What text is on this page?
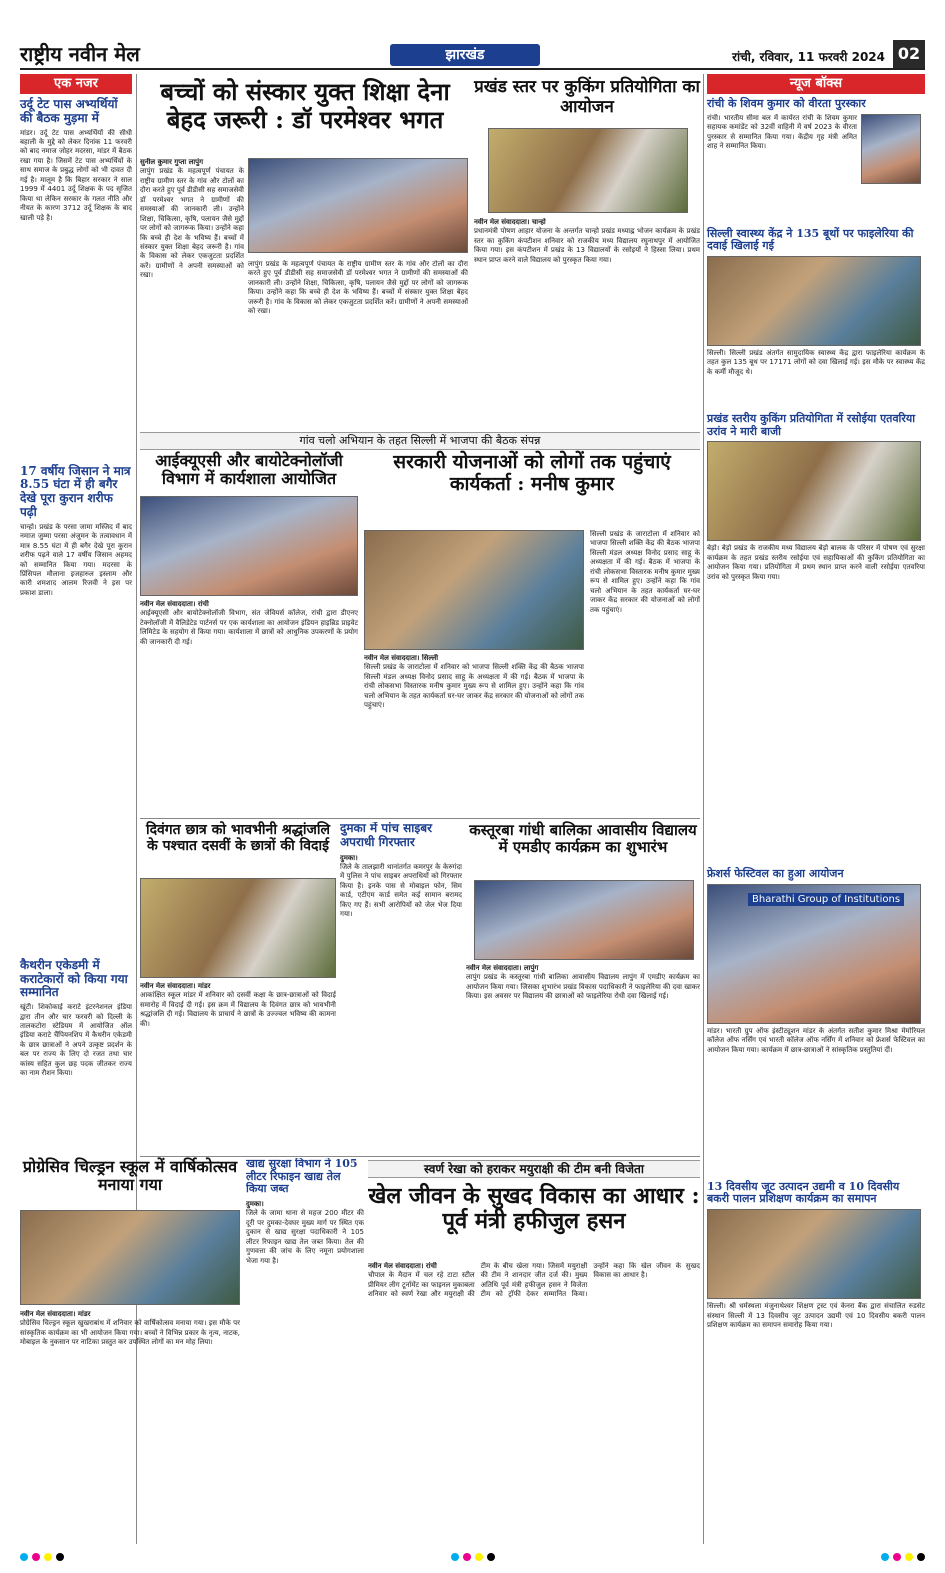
राष्ट्रीय नवीन मेल	झारखंड	रांची, रविवार, 11 फरवरी 2024 02
एक नजर
उर्दू टेट पास अभ्यर्थियों की बैठक मुड़मा में
मांडर। उर्दू टेट पास अभ्यर्थियों की सीधी बहाली के मुद्दे को लेकर दिनांक 11 फरवरी को बाद नमाज जोहर मदरसा, मांडर में बैठक रखा गया है। जिसमें टेट पास अभ्यर्थियों के साथ समाज के प्रबुद्ध लोगों को भी दावत दी गई है। मालूम है कि बिहार सरकार ने साल 1999 में 4401 उर्दू शिक्षक के पद सृजित किया था लेकिन सरकार के गलत नीति और नीयत के कारण 3712 उर्दू शिक्षक के बाद खाली पड़े है।
17 वर्षीय जिसान ने मात्र 8.55 घंटा में ही बगैर देखे पूरा कुरान शरीफ पढ़ी
चान्हो। प्रखंड के परसा जामा मस्जिद में बाद नमाज जुम्मा परसा अंजुमन के तत्वावधान में मात्र 8.55 घंटा में ही बगैर देखे पूरा कुरान शरीफ पढ़ने वाले 17 वर्षीय जिसान अहमद को सम्मानित किया गया। मदरसा के प्रिंसिपल मौलाना इजहारुल इस्लाम और कारी शमशाद आलम रिजवी ने इस पर प्रकाश डाला।
कैथरीन एकेडमी में कराटेकारों को किया गया सम्मानित
खूंटी। शिकोकाई कराटे इंटरनेशनल इंडिया द्वारा तीन और चार फरवरी को दिल्ली के तालकटोरा स्टेडियम में आयोजित ऑल इंडिया कराटे चैंपियनशिप में कैथरीन एकेडमी के छात्र छात्राओं ने अपने उत्कृष्ट प्रदर्शन के बल पर राज्य के लिए दो रजत तथा चार कांस्य सहित कुल छह पदक जीतकर राज्य का नाम रौशन किया।
बच्चों को संस्कार युक्त शिक्षा देना बेहद जरूरी : डॉ परमेश्वर भगत
सुनील कुमार गुप्ता लापुंग
लापुंग प्रखंड के महत्वपूर्ण पंचायत के राष्ट्रीय ग्रामीण स्तर के गांव और टोलों का दौरा करते हुए पूर्व डीडीसी सह समाजसेवी डॉ परमेश्वर भगत ने ग्रामीणों की समस्याओं की जानकारी ली। उन्होंने शिक्षा, चिकित्सा, कृषि, पलायन जैसे मुद्दों पर लोगों को जागरूक किया। उन्होंने कहा कि बच्चे ही देश के भविष्य हैं। बच्चों में संस्कार युक्त शिक्षा बेहद जरूरी है। गांव के विकास को लेकर एकजुटता प्रदर्शित करें। ग्रामीणों ने अपनी समस्याओं को रखा।
लापुंग प्रखंड के महत्वपूर्ण पंचायत के राष्ट्रीय ग्रामीण स्तर के गांव और टोलों का दौरा करते हुए पूर्व डीडीसी सह समाजसेवी डॉ परमेश्वर भगत ने ग्रामीणों की समस्याओं की जानकारी ली। उन्होंने शिक्षा, चिकित्सा, कृषि, पलायन जैसे मुद्दों पर लोगों को जागरूक किया। उन्होंने कहा कि बच्चे ही देश के भविष्य हैं। बच्चों में संस्कार युक्त शिक्षा बेहद जरूरी है। गांव के विकास को लेकर एकजुटता प्रदर्शित करें। ग्रामीणों ने अपनी समस्याओं को रखा।
प्रखंड स्तर पर कुकिंग प्रतियोगिता का आयोजन
नवीन मेल संवाददाता। चान्हो
प्रधानमंत्री पोषण आहार योजना के अन्तर्गत चान्हो प्रखंड मध्याह्न भोजन कार्यक्रम के प्रखंड स्तर का कुकिंग कंपटीशन शनिवार को राजकीय मध्य विद्यालय रघुनाथपुर में आयोजित किया गया। इस कंपटीशन में प्रखंड के 13 विद्यालयों के रसोइयों ने हिस्सा लिया। प्रथम स्थान प्राप्त करने वाले विद्यालय को पुरस्कृत किया गया।
गांव चलो अभियान के तहत सिल्ली में भाजपा की बैठक संपन्न
आईक्यूएसी और बायोटेक्नोलॉजी विभाग में कार्यशाला आयोजित
नवीन मेल संवाददाता। रांची
आईक्यूएसी और बायोटेक्नोलॉजी विभाग, संत जेवियर्स कॉलेज, रांची द्वारा डीएनए टेक्नोलॉजी में वैलिडेटेड पार्टनर्स पर एक कार्यशाला का आयोजन इंडियन हाइब्रिड प्राइवेट लिमिटेड के सहयोग से किया गया। कार्यशाला में छात्रों को आधुनिक उपकरणों के प्रयोग की जानकारी दी गई।
सरकारी योजनाओं को लोगों तक पहुंचाएं कार्यकर्ता : मनीष कुमार
सिल्ली प्रखंड के जाराटोला में शनिवार को भाजपा सिल्ली शक्ति केंद्र की बैठक भाजपा सिल्ली मंडल अध्यक्ष विनोद प्रसाद साहू के अध्यक्षता में की गई। बैठक में भाजपा के रांची लोकसभा विस्तारक मनीष कुमार मुख्य रूप से शामिल हुए। उन्होंने कहा कि गांव चलो अभियान के तहत कार्यकर्ता घर-घर जाकर केंद्र सरकार की योजनाओं को लोगों तक पहुंचाएं।
नवीन मेल संवाददाता। सिल्ली
सिल्ली प्रखंड के जाराटोला में शनिवार को भाजपा सिल्ली शक्ति केंद्र की बैठक भाजपा सिल्ली मंडल अध्यक्ष विनोद प्रसाद साहू के अध्यक्षता में की गई। बैठक में भाजपा के रांची लोकसभा विस्तारक मनीष कुमार मुख्य रूप से शामिल हुए। उन्होंने कहा कि गांव चलो अभियान के तहत कार्यकर्ता घर-घर जाकर केंद्र सरकार की योजनाओं को लोगों तक पहुंचाएं।
दिवंगत छात्र को भावभीनी श्रद्धांजलि के पश्चात दसवीं के छात्रों की विदाई
नवीन मेल संवाददाता। मांडर
आकांक्षित स्कूल मांडर में शनिवार को दसवीं कक्षा के छात्र-छात्राओं को विदाई समारोह में विदाई दी गई। इस क्रम में विद्यालय के दिवंगत छात्र को भावभीनी श्रद्धांजलि दी गई। विद्यालय के प्राचार्य ने छात्रों के उज्ज्वल भविष्य की कामना की।
दुमका में पांच साइबर अपराधी गिरफ्तार
दुमका।
जिले के तालझारी थानांतर्गत कमरपुर के केरुगंदा में पुलिस ने पांच साइबर अपराधियों को गिरफ्तार किया है। इनके पास से मोबाइल फोन, सिम कार्ड, एटीएम कार्ड समेत कई सामान बरामद किए गए हैं। सभी आरोपियों को जेल भेज दिया गया।
कस्तूरबा गांधी बालिका आवासीय विद्यालय में एमडीए कार्यक्रम का शुभारंभ
नवीन मेल संवाददाता। लापुंग
लापुंग प्रखंड के कस्तूरबा गांधी बालिका आवासीय विद्यालय लापुंग में एमडीए कार्यक्रम का आयोजन किया गया। जिसका शुभारंभ प्रखंड विकास पदाधिकारी ने फाइलेरिया की दवा खाकर किया। इस अवसर पर विद्यालय की छात्राओं को फाइलेरिया रोधी दवा खिलाई गई।
प्रोग्रेसिव चिल्ड्रन स्कूल में वार्षिकोत्सव मनाया गया
नवीन मेल संवाददाता। मांडर
प्रोग्रेसिव चिल्ड्रन स्कूल खुखराबांध में शनिवार को वार्षिकोत्सव मनाया गया। इस मौके पर सांस्कृतिक कार्यक्रम का भी आयोजन किया गया। बच्चों ने विभिन्न प्रकार के नृत्य, नाटक, मोबाइल के नुकसान पर नाटिका प्रस्तुत कर उपस्थित लोगों का मन मोह लिया।
खाद्य सुरक्षा विभाग ने 105 लीटर रिफाइन खाद्य तेल किया जब्त
दुमका।
जिले के जामा थाना से महज 200 मीटर की दूरी पर दुमका-देवघर मुख्य मार्ग पर स्थित एक दुकान से खाद्य सुरक्षा पदाधिकारी ने 105 लीटर रिफाइन खाद्य तेल जब्त किया। तेल की गुणवत्ता की जांच के लिए नमूना प्रयोगशाला भेजा गया है।
स्वर्ण रेखा को हराकर मयुराक्षी की टीम बनी विजेता
खेल जीवन के सुखद विकास का आधार : पूर्व मंत्री हफीजुल हसन
नवीन मेल संवाददाता। रांची
चौपाल के मैदान में चल रहे टाटा स्टील प्रीमियर लीग टूर्नामेंट का फाइनल मुकाबला शनिवार को स्वर्ण रेखा और मयुराक्षी की टीम के बीच खेला गया। जिसमें मयुराक्षी की टीम ने शानदार जीत दर्ज की। मुख्य अतिथि पूर्व मंत्री हफीजुल हसन ने विजेता टीम को ट्रॉफी देकर सम्मानित किया। उन्होंने कहा कि खेल जीवन के सुखद विकास का आधार है।
न्यूज बॉक्स
रांची के शिवम कुमार को वीरता पुरस्कार
रांची। भारतीय सीमा बल में कार्यरत रांची के शिवम कुमार सहायक कमांडेंट को 32वीं वाहिनी में वर्ष 2023 के वीरता पुरस्कार से सम्मानित किया गया। केंद्रीय गृह मंत्री अमित शाह ने सम्मानित किया।
सिल्ली स्वास्थ्य केंद्र ने 135 बूथों पर फाइलेरिया की दवाई खिलाई गई
सिल्ली। सिल्ली प्रखंड अंतर्गत सामुदायिक स्वास्थ्य केंद्र द्वारा फाइलेरिया कार्यक्रम के तहत कुल 135 बूथ पर 17171 लोगों को दवा खिलाई गई। इस मौके पर स्वास्थ्य केंद्र के कर्मी मौजूद थे।
प्रखंड स्तरीय कुकिंग प्रतियोगिता में रसोईया एतवरिया उरांव ने मारी बाजी
बेड़ो। बेड़ो प्रखंड के राजकीय मध्य विद्यालय बेड़ो बालक के परिसर में पोषण एवं सुरक्षा कार्यक्रम के तहत प्रखंड स्तरीय रसोईया एवं सहायिकाओं की कुकिंग प्रतियोगिता का आयोजन किया गया। प्रतियोगिता में प्रथम स्थान प्राप्त करने वाली रसोईया एतवरिया उरांव को पुरस्कृत किया गया।
फ्रेशर्स फेस्टिवल का हुआ आयोजन
Bharathi Group of Institutions
मांडर। भारती ग्रुप ऑफ इंस्टीट्यूशन मांडर के अंतर्गत सतीश कुमार मिश्रा मेमोरियल कॉलेज ऑफ नर्सिंग एवं भारती कॉलेज ऑफ नर्सिंग में शनिवार को फ्रेशर्स फेस्टिवल का आयोजन किया गया। कार्यक्रम में छात्र-छात्राओं ने सांस्कृतिक प्रस्तुतियां दीं।
13 दिवसीय जूट उत्पादन उद्यमी व 10 दिवसीय बकरी पालन प्रशिक्षण कार्यक्रम का समापन
सिल्ली। श्री धर्मस्थला मंजुनाथेश्वर शिक्षण ट्रस्ट एवं केनरा बैंक द्वारा संचालित रुडसेट संस्थान सिल्ली में 13 दिवसीय जूट उत्पादन उद्यमी एवं 10 दिवसीय बकरी पालन प्रशिक्षण कार्यक्रम का समापन समारोह किया गया।
